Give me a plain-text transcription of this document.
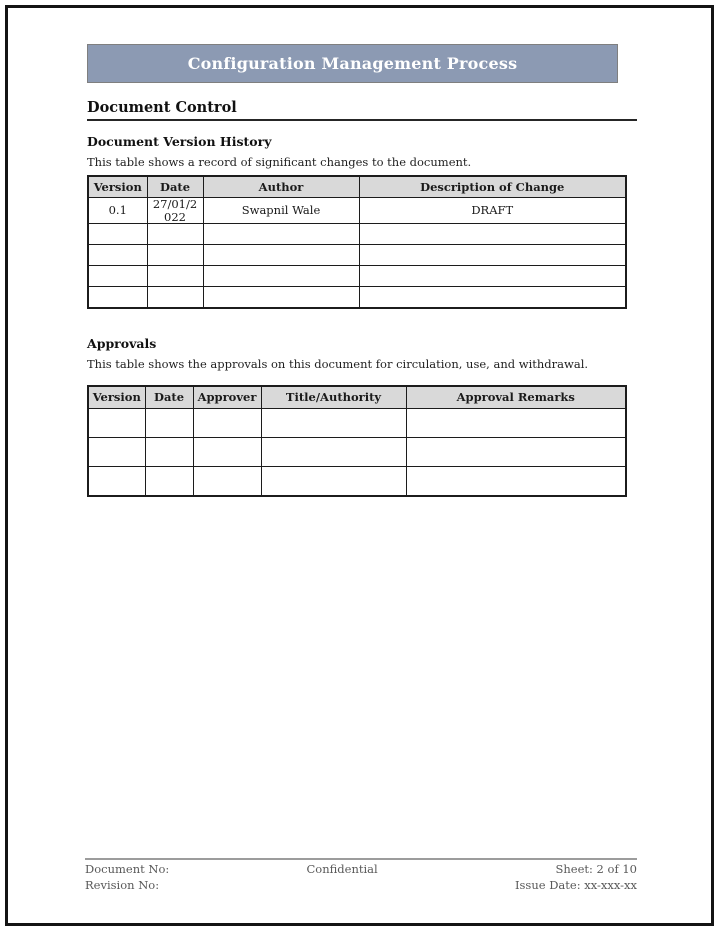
Configuration Management Process
Document Control
Document Version History
This table shows a record of significant changes to the document.
Version	Date	Author	Description of Change
0.1	27/01/2022	Swapnil Wale	DRAFT

Approvals
This table shows the approvals on this document for circulation, use, and withdrawal.
Version	Date	Approver	Title/Authority	Approval Remarks

Document No:
Revision No:
Confidential	Sheet: 2 of 10
Issue Date: xx-xxx-xx
